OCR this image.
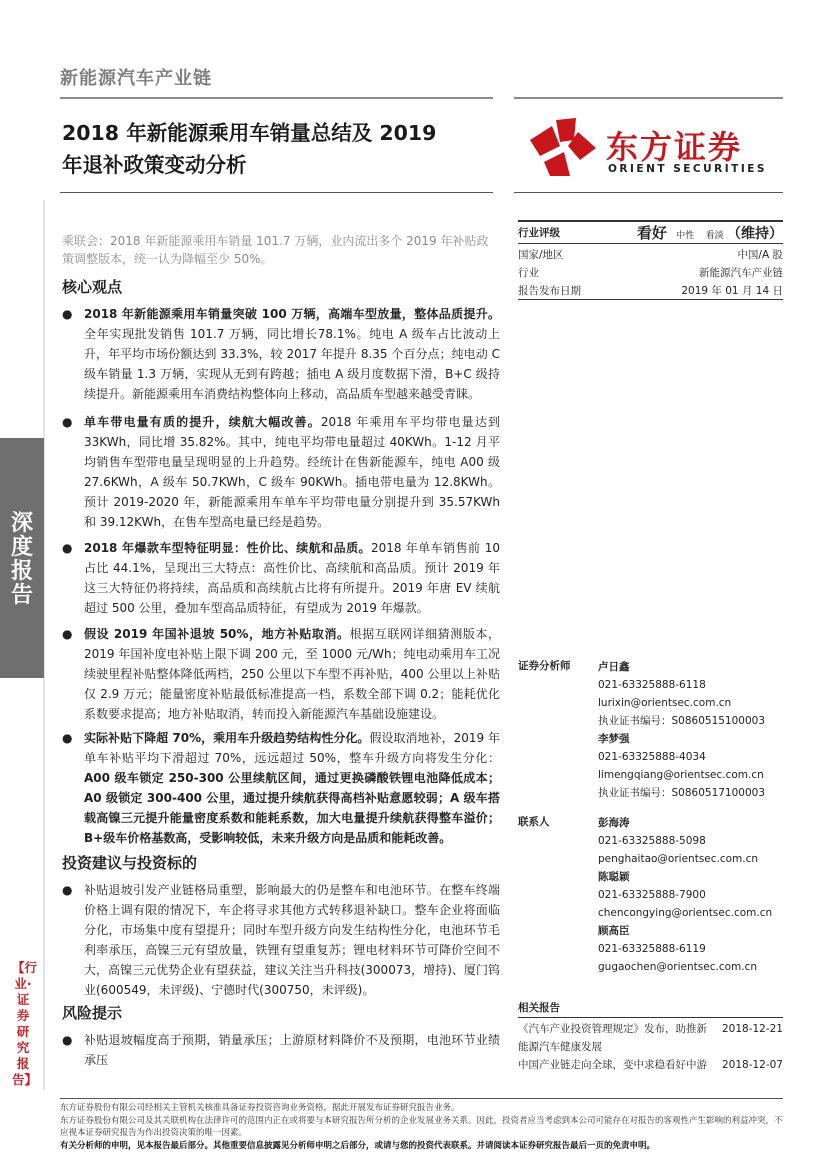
新能源汽车产业链
2018 年新能源乘用车销量总结及 2019
年退补政策变动分析	东方证券
ORIENT SECURITIES
深度报告
【行业·证券研究报告】
乘联会：2018 年新能源乘用车销量 101.7 万辆，业内流出多个 2019 年补贴政策调整版本，统一认为降幅至少 50%。
核心观点
● 2018 年新能源乘用车销量突破 100 万辆，高端车型放量，整体品质提升。全年实现批发销售 101.7 万辆，同比增长78.1%。纯电 A 级车占比波动上升，年平均市场份额达到 33.3%，较 2017 年提升 8.35 个百分点；纯电动 C 级车销量 1.3 万辆，实现从无到有跨越；插电 A 级月度数据下滑，B+C 级持续提升。新能源乘用车消费结构整体向上移动，高品质车型越来越受青睐。
● 单车带电量有质的提升，续航大幅改善。2018 年乘用车平均带电量达到 33KWh，同比增 35.82%。其中，纯电平均带电量超过 40KWh。1-12 月平均销售车型带电量呈现明显的上升趋势。经统计在售新能源车，纯电 A00 级 27.6KWh，A 级车 50.7KWh，C 级车 90KWh。插电带电量为 12.8KWh。预计 2019-2020 年，新能源乘用车单车平均带电量分别提升到 35.57KWh 和 39.12KWh，在售车型高电量已经是趋势。
● 2018 年爆款车型特征明显：性价比、续航和品质。2018 年单车销售前 10 占比 44.1%，呈现出三大特点：高性价比、高续航和高品质。预计 2019 年这三大特征仍将持续，高品质和高续航占比将有所提升。2019 年唐 EV 续航超过 500 公里，叠加车型高品质特征，有望成为 2019 年爆款。
● 假设 2019 年国补退坡 50%，地方补贴取消。根据互联网详细猜测版本，2019 年国补度电补贴上限下调 200 元，至 1000 元/Wh；纯电动乘用车工况续驶里程补贴整体降低两档，250 公里以下车型不再补贴，400 公里以上补贴仅 2.9 万元；能量密度补贴最低标准提高一档，系数全部下调 0.2；能耗优化系数要求提高；地方补贴取消，转而投入新能源汽车基础设施建设。
● 实际补贴下降超 70%，乘用车升级趋势结构性分化。假设取消地补，2019 年单车补贴平均下滑超过 70%，远远超过 50%，整车升级方向将发生分化：A00 级车锁定 250-300 公里续航区间，通过更换磷酸铁锂电池降低成本；A0 级锁定 300-400 公里，通过提升续航获得高档补贴意愿较弱；A 级车搭载高镍三元提升能量密度系数和能耗系数，加大电量提升续航获得整车溢价；B+级车价格基数高，受影响较低，未来升级方向是品质和能耗改善。
投资建议与投资标的
● 补贴退坡引发产业链格局重塑，影响最大的仍是整车和电池环节。在整车终端价格上调有限的情况下，车企将寻求其他方式转移退补缺口。整车企业将面临分化，市场集中度有望提升；同时车型升级方向发生结构性分化，电池环节毛利率承压，高镍三元有望放量，铁锂有望重复苏；锂电材料环节可降价空间不大，高镍三元优势企业有望获益，建议关注当升科技(300073，增持)、厦门钨业(600549，未评级)、宁德时代(300750，未评级)。
风险提示
● 补贴退坡幅度高于预期，销量承压；上游原材料降价不及预期，电池环节业绩承压
行业评级	看好 中性 看淡 （维持）
国家/地区	中国/A 股
行业	新能源汽车产业链
报告发布日期	2019 年 01 月 14 日
证券分析师	卢日鑫
021-63325888-6118
lurixin@orientsec.com.cn
执业证书编号：S0860515100003
李梦强
021-63325888-4034
limengqiang@orientsec.com.cn
执业证书编号：S0860517100003
联系人	彭海涛
021-63325888-5098
penghaitao@orientsec.com.cn
陈聪颖
021-63325888-7900
chencongying@orientsec.com.cn
顾高臣
021-63325888-6119
gugaochen@orientsec.com.cn
相关报告
《汽车产业投资管理规定》发布，助推新能源汽车健康发展
2018-12-21
中国产业链走向全球，变中求稳看好中游 2018-12-07
东方证券股份有限公司经相关主管机关核准具备证券投资咨询业务资格，据此开展发布证券研究报告业务。
东方证券股份有限公司及其关联机构在法律许可的范围内正在或将要与本研究报告所分析的企业发展业务关系。因此，投资者应当考虑到本公司可能存在对报告的客观性产生影响的利益冲突，不应视本证券研究报告为作出投资决策的唯一因素。
有关分析师的申明，见本报告最后部分。其他重要信息披露见分析师申明之后部分，或请与您的投资代表联系。并请阅读本证券研究报告最后一页的免责申明。
